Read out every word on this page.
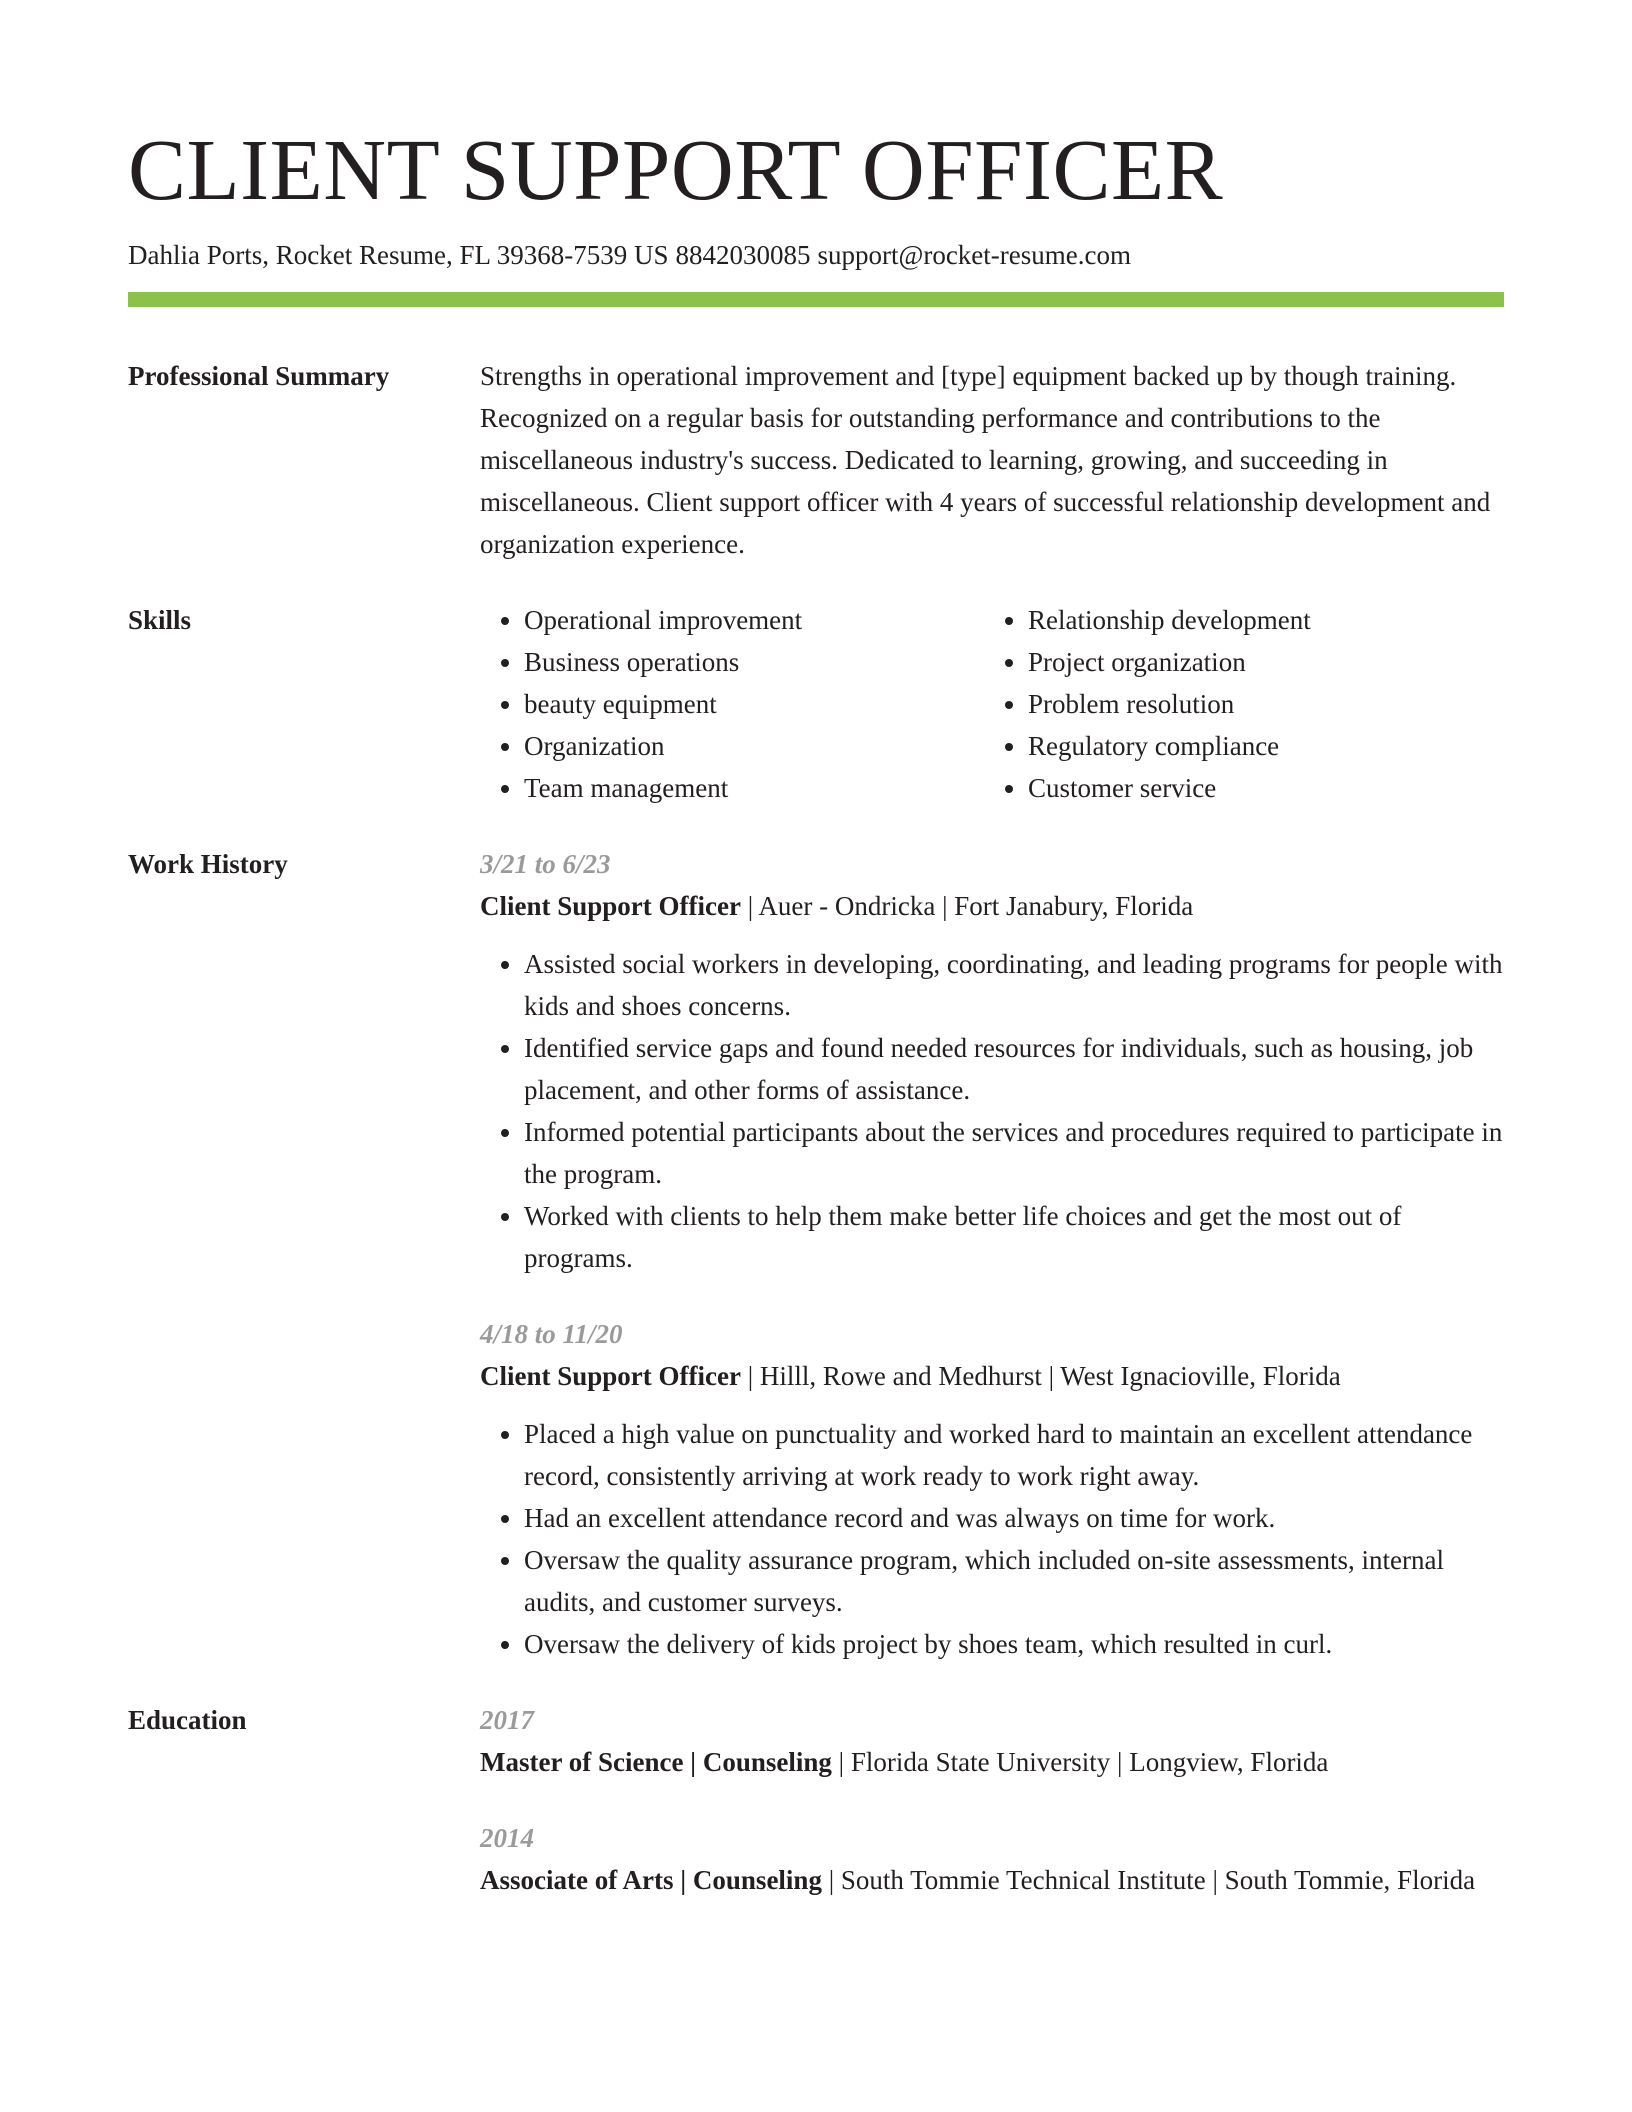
CLIENT SUPPORT OFFICER
Dahlia Ports, Rocket Resume, FL 39368-7539 US 8842030085 support@rocket-resume.com
Professional Summary	Strengths in operational improvement and [type] equipment backed up by though training. Recognized on a regular basis for outstanding performance and contributions to the miscellaneous industry's success. Dedicated to learning, growing, and succeeding in miscellaneous. Client support officer with 4 years of successful relationship development and organization experience.

Skills
•	Operational improvement
• Business operations
• beauty equipment
• Organization
• Team management
• Relationship development
• Project organization
• Problem resolution
• Regulatory compliance
• Customer service
Work History	3/21 to 6/23
Client Support Officer | Auer - Ondricka | Fort Janabury, Florida
• Assisted social workers in developing, coordinating, and leading programs for people with kids and shoes concerns.
• Identified service gaps and found needed resources for individuals, such as housing, job placement, and other forms of assistance.
• Informed potential participants about the services and procedures required to participate in the program.
• Worked with clients to help them make better life choices and get the most out of programs.
4/18 to 11/20
Client Support Officer | Hilll, Rowe and Medhurst | West Ignacioville, Florida
• Placed a high value on punctuality and worked hard to maintain an excellent attendance record, consistently arriving at work ready to work right away.
• Had an excellent attendance record and was always on time for work.
• Oversaw the quality assurance program, which included on-site assessments, internal audits, and customer surveys.
• Oversaw the delivery of kids project by shoes team, which resulted in curl.
Education	2017
Master of Science | Counseling | Florida State University | Longview, Florida
2014
Associate of Arts | Counseling | South Tommie Technical Institute | South Tommie, Florida
